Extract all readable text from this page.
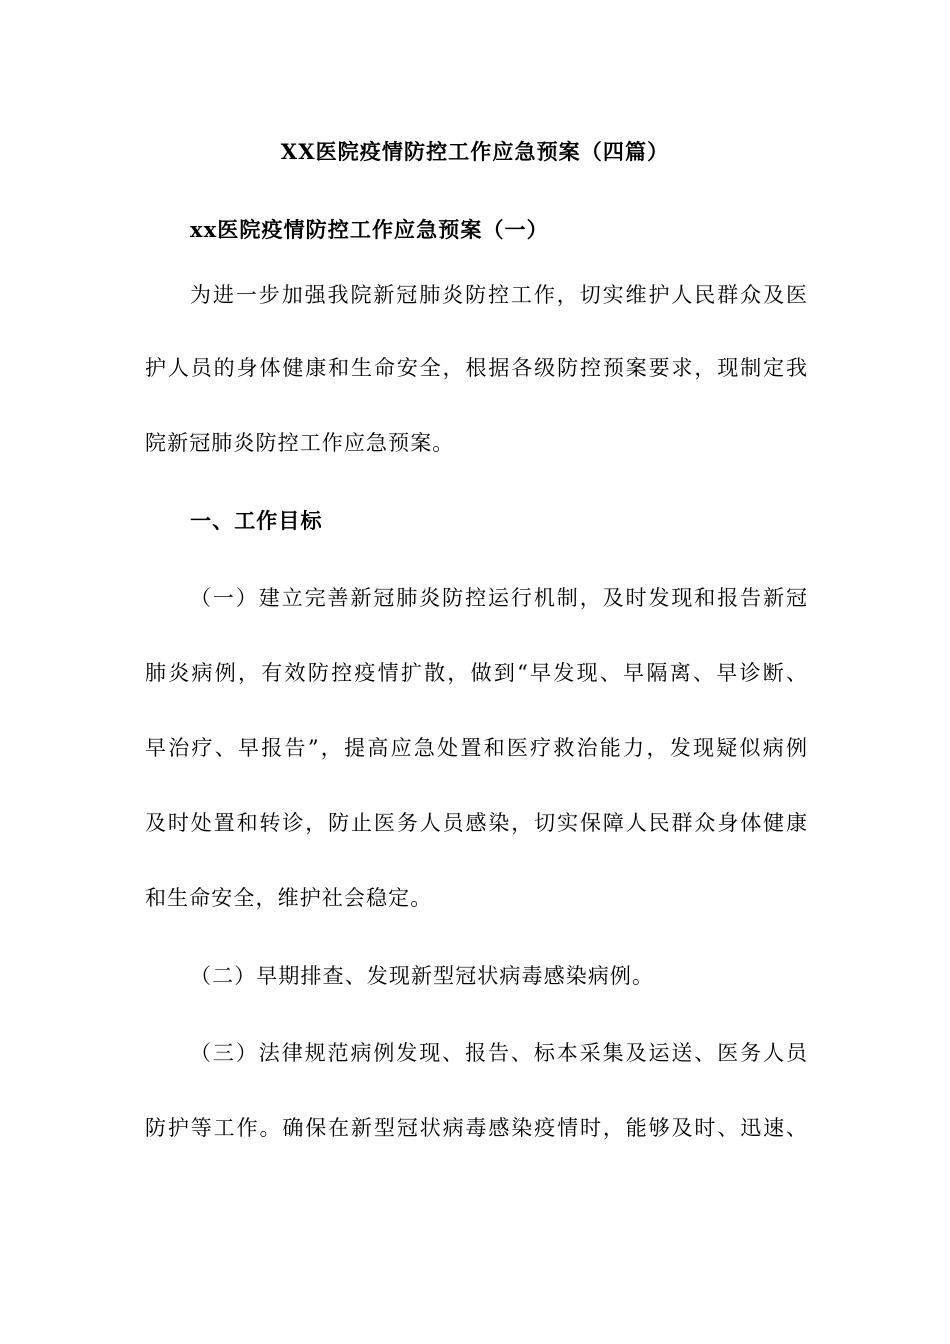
XX医院疫情防控工作应急预案（四篇）
xx医院疫情防控工作应急预案（一）
为进一步加强我院新冠肺炎防控工作，切实维护人民群众及医
护人员的身体健康和生命安全，根据各级防控预案要求，现制定我
院新冠肺炎防控工作应急预案。
一、工作目标
（一）建立完善新冠肺炎防控运行机制，及时发现和报告新冠
肺炎病例，有效防控疫情扩散，做到“早发现、早隔离、早诊断、
早治疗、早报告”，提高应急处置和医疗救治能力，发现疑似病例
及时处置和转诊，防止医务人员感染，切实保障人民群众身体健康
和生命安全，维护社会稳定。
（二）早期排查、发现新型冠状病毒感染病例。
（三）法律规范病例发现、报告、标本采集及运送、医务人员
防护等工作。确保在新型冠状病毒感染疫情时，能够及时、迅速、
